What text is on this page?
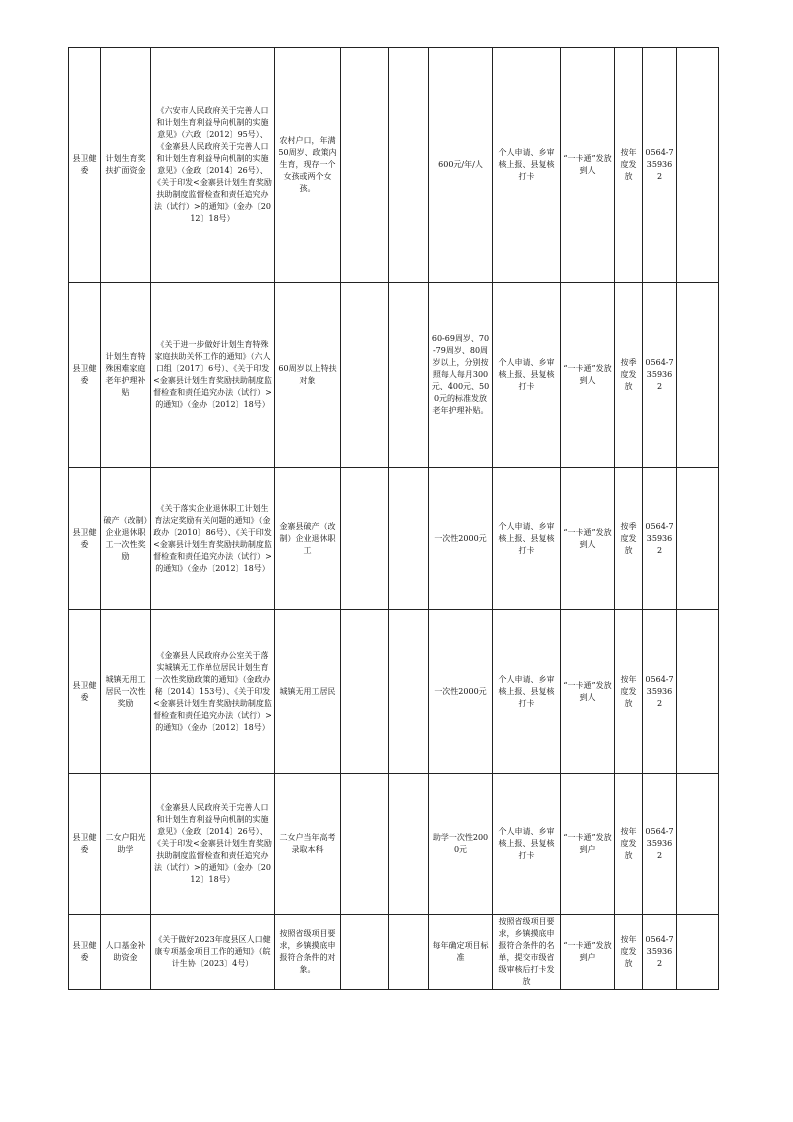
县卫健委	计划生育奖扶扩面资金	《六安市人民政府关于完善人口和计划生育利益导向机制的实施意见》（六政〔2012〕95号）、《金寨县人民政府关于完善人口和计划生育利益导向机制的实施意见》（金政〔2014〕26号）、《关于印发<金寨县计划生育奖励扶助制度监督检查和责任追究办法（试行）>的通知》（金办〔2012〕18号）	农村户口，年满50周岁、政策内生育，现存一个女孩或两个女孩。			600元/年/人	个人申请、乡审核上报、县复核打卡	“一卡通”发放到人	按年度发放	0564-7359362	
县卫健委	计划生育特殊困难家庭老年护理补贴	《关于进一步做好计划生育特殊家庭扶助关怀工作的通知》（六人口组〔2017〕6号）、《关于印发<金寨县计划生育奖励扶助制度监督检查和责任追究办法（试行）>的通知》（金办〔2012〕18号）	60周岁以上特扶对象			60-69周岁、70-79周岁、80周岁以上，分别按照每人每月300元、400元、500元的标准发放老年护理补贴。	个人申请、乡审核上报、县复核打卡	“一卡通”发放到人	按季度发放	0564-7359362	
县卫健委	破产（改制）企业退休职工一次性奖励	《关于落实企业退休职工计划生育法定奖励有关问题的通知》（金政办〔2010〕86号）、《关于印发<金寨县计划生育奖励扶助制度监督检查和责任追究办法（试行）>的通知》（金办〔2012〕18号）	金寨县破产（改制）企业退休职工			一次性2000元	个人申请、乡审核上报、县复核打卡	“一卡通”发放到人	按季度发放	0564-7359362	
县卫健委	城镇无用工居民一次性奖励	《金寨县人民政府办公室关于落实城镇无工作单位居民计划生育一次性奖励政策的通知》（金政办秘〔2014〕153号）、《关于印发<金寨县计划生育奖励扶助制度监督检查和责任追究办法（试行）>的通知》（金办〔2012〕18号）	城镇无用工居民			一次性2000元	个人申请、乡审核上报、县复核打卡	“一卡通”发放到人	按年度发放	0564-7359362	
县卫健委	二女户阳光助学	《金寨县人民政府关于完善人口和计划生育利益导向机制的实施意见》（金政〔2014〕26号）、《关于印发<金寨县计划生育奖励扶助制度监督检查和责任追究办法（试行）>的通知》（金办〔2012〕18号）	二女户当年高考录取本科			助学一次性2000元	个人申请、乡审核上报、县复核打卡	“一卡通”发放到户	按年度发放	0564-7359362	
县卫健委	人口基金补助资金	《关于做好2023年度县区人口健康专项基金项目工作的通知》（皖计生协〔2023〕4号）	按照省级项目要求，乡镇摸底申报符合条件的对象。			每年确定项目标准	按照省级项目要求，乡镇摸底申报符合条件的名单，提交市级省级审核后打卡发放	“一卡通”发放到户	按年度发放	0564-7359362	
